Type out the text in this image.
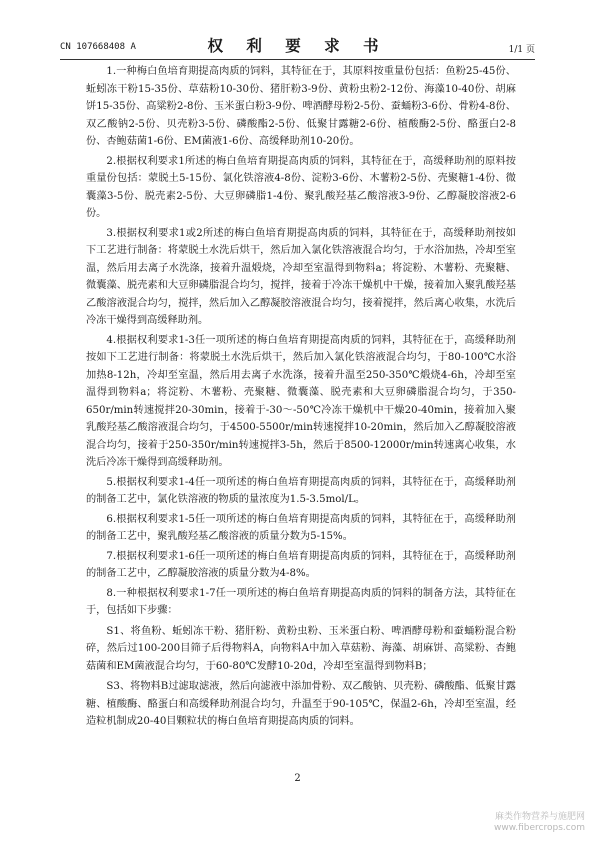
CN 107668408 A	权 利 要 求 书	1/1 页

1.一种梅白鱼培育期提高肉质的饲料，其特征在于，其原料按重量份包括：鱼粉25-45份、蚯蚓冻干粉15-35份、草菇粉10-30份、猪肝粉3-9份、黄粉虫粉2-12份、海藻10-40份、胡麻饼15-35份、高粱粉2-8份、玉米蛋白粉3-9份、啤酒酵母粉2-5份、蚕蛹粉3-6份、骨粉4-8份、双乙酸钠2-5份、贝壳粉3-5份、磷酸酯2-5份、低聚甘露糖2-6份、植酸酶2-5份、酪蛋白2-8份、杏鲍菇菌1-6份、EM菌液1-6份、高缓释助剂10-20份。

2.根据权利要求1所述的梅白鱼培育期提高肉质的饲料，其特征在于，高缓释助剂的原料按重量份包括：蒙脱土5-15份、氯化铁溶液4-8份、淀粉3-6份、木薯粉2-5份、壳聚糖1-4份、微囊藻3-5份、脱壳素2-5份、大豆卵磷脂1-4份、聚乳酸羟基乙酸溶液3-9份、乙醇凝胶溶液2-6份。

3.根据权利要求1或2所述的梅白鱼培育期提高肉质的饲料，其特征在于，高缓释助剂按如下工艺进行制备：将蒙脱土水洗后烘干，然后加入氯化铁溶液混合均匀，于水浴加热，冷却至室温，然后用去离子水洗涤，接着升温煅烧，冷却至室温得到物料a；将淀粉、木薯粉、壳聚糖、微囊藻、脱壳素和大豆卵磷脂混合均匀，搅拌，接着于冷冻干燥机中干燥，接着加入聚乳酸羟基乙酸溶液混合均匀，搅拌，然后加入乙醇凝胶溶液混合均匀，接着搅拌，然后离心收集，水洗后冷冻干燥得到高缓释助剂。

4.根据权利要求1-3任一项所述的梅白鱼培育期提高肉质的饲料，其特征在于，高缓释助剂按如下工艺进行制备：将蒙脱土水洗后烘干，然后加入氯化铁溶液混合均匀，于80-100℃水浴加热8-12h，冷却至室温，然后用去离子水洗涤，接着升温至250-350℃煅烧4-6h，冷却至室温得到物料a；将淀粉、木薯粉、壳聚糖、微囊藻、脱壳素和大豆卵磷脂混合均匀，于350-650r/min转速搅拌20-30min，接着于-30～-50℃冷冻干燥机中干燥20-40min，接着加入聚乳酸羟基乙酸溶液混合均匀，于4500-5500r/min转速搅拌10-20min，然后加入乙醇凝胶溶液混合均匀，接着于250-350r/min转速搅拌3-5h，然后于8500-12000r/min转速离心收集，水洗后冷冻干燥得到高缓释助剂。

5.根据权利要求1-4任一项所述的梅白鱼培育期提高肉质的饲料，其特征在于，高缓释助剂的制备工艺中，氯化铁溶液的物质的量浓度为1.5-3.5mol/L。

6.根据权利要求1-5任一项所述的梅白鱼培育期提高肉质的饲料，其特征在于，高缓释助剂的制备工艺中，聚乳酸羟基乙酸溶液的质量分数为5-15%。

7.根据权利要求1-6任一项所述的梅白鱼培育期提高肉质的饲料，其特征在于，高缓释助剂的制备工艺中，乙醇凝胶溶液的质量分数为4-8%。

8.一种根据权利要求1-7任一项所述的梅白鱼培育期提高肉质的饲料的制备方法，其特征在于，包括如下步骤：
S1、将鱼粉、蚯蚓冻干粉、猪肝粉、黄粉虫粉、玉米蛋白粉、啤酒酵母粉和蚕蛹粉混合粉碎，然后过100-200目筛子后得物料A，向物料A中加入草菇粉、海藻、胡麻饼、高粱粉、杏鲍菇菌和EM菌液混合均匀，于60-80℃发酵10-20d，冷却至室温得到物料B；
S3、将物料B过滤取滤液，然后向滤液中添加骨粉、双乙酸钠、贝壳粉、磷酸酯、低聚甘露糖、植酸酶、酪蛋白和高缓释助剂混合均匀，升温至于90-105℃，保温2-6h，冷却至室温，经造粒机制成20-40目颗粒状的梅白鱼培育期提高肉质的饲料。
2
麻类作物营养与施肥网
www.fibercrops.com
